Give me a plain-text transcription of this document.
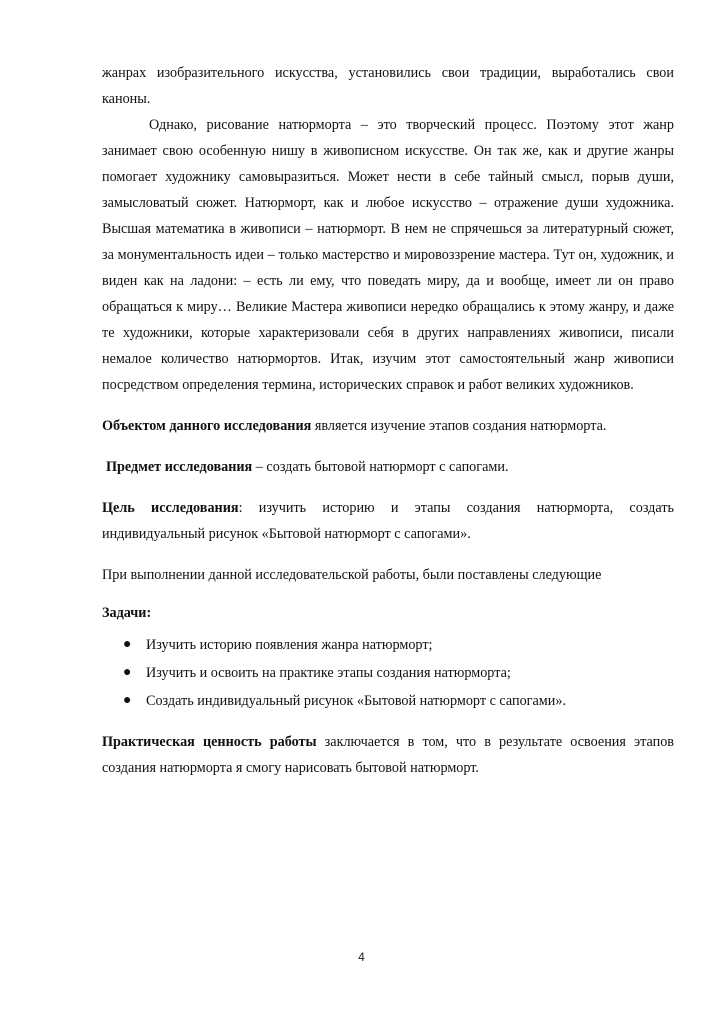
жанрах изобразительного искусства, установились свои традиции, выработались свои каноны.

Однако, рисование натюрморта – это творческий процесс. Поэтому этот жанр занимает свою особенную нишу в живописном искусстве. Он так же, как и другие жанры помогает художнику самовыразиться. Может нести в себе тайный смысл, порыв души, замысловатый сюжет. Натюрморт, как и любое искусство – отражение души художника. Высшая математика в живописи – натюрморт. В нем не спрячешься за литературный сюжет, за монументальность идеи – только мастерство и мировоззрение мастера. Тут он, художник, и виден как на ладони: – есть ли ему, что поведать миру, да и вообще, имеет ли он право обращаться к миру… Великие Мастера живописи нередко обращались к этому жанру, и даже те художники, которые характеризовали себя в других направлениях живописи, писали немалое количество натюрмортов. Итак, изучим этот самостоятельный жанр живописи посредством определения термина, исторических справок и работ великих художников.

Объектом данного исследования является изучение этапов создания натюрморта.

Предмет исследования – создать бытовой натюрморт с сапогами.

Цель исследования: изучить историю и этапы создания натюрморта, создать индивидуальный рисунок «Бытовой натюрморт с сапогами».

При выполнении данной исследовательской работы, были поставлены следующие

Задачи:

● Изучить историю появления жанра натюрморт;
● Изучить и освоить на практике этапы создания натюрморта;
● Создать индивидуальный рисунок «Бытовой натюрморт с сапогами».

Практическая ценность работы заключается в том, что в результате освоения этапов создания натюрморта я смогу нарисовать бытовой натюрморт.

4
